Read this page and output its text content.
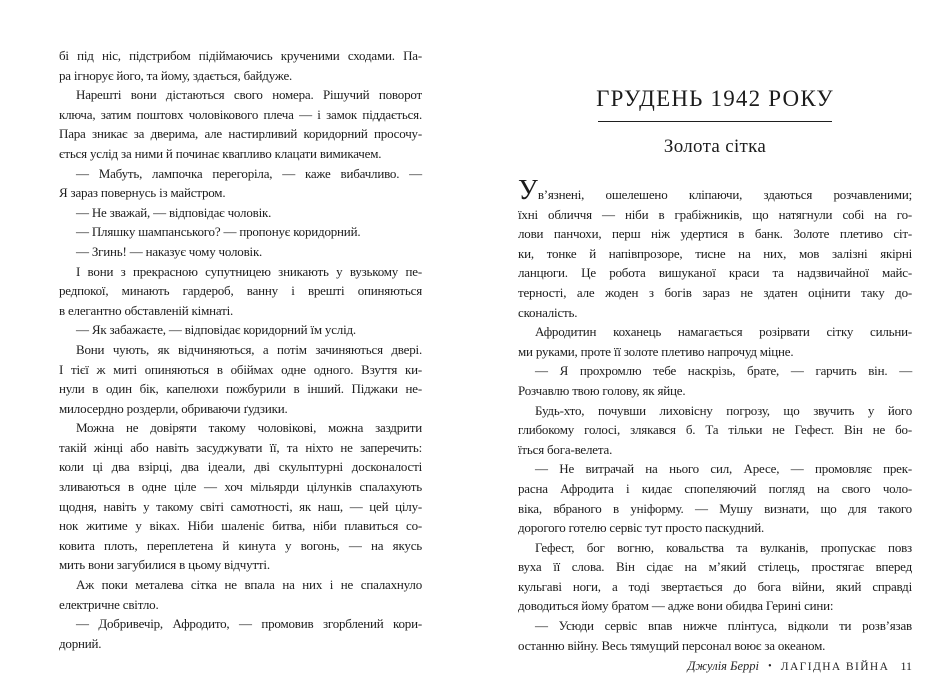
бі під ніс, підстрибом підіймаючись крученими сходами. Па-
ра ігнорує його, та йому, здається, байдуже.
Нарешті вони дістаються свого номера. Рішучий поворот
ключа, затим поштовх чоловікового плеча — і замок піддається.
Пара зникає за дверима, але настирливий коридорний просочу-
ється услід за ними й починає квапливо клацати вимикачем.
— Мабуть, лампочка перегоріла, — каже вибачливо. —
Я зараз повернусь із майстром.
— Не зважай, — відповідає чоловік.
— Пляшку шампанського? — пропонує коридорний.
— Згинь! — наказує чому чоловік.
І вони з прекрасною супутницею зникають у вузькому пе-
редпокої, минають гардероб, ванну і врешті опиняються
в елегантно обставленій кімнаті.
— Як забажаєте, — відповідає коридорний їм услід.
Вони чують, як відчиняються, а потім зачиняються двері.
І тієї ж миті опиняються в обіймах одне одного. Взуття ки-
нули в один бік, капелюхи пожбурили в інший. Піджаки не-
милосердно роздерли, обриваючи ґудзики.
Можна не довіряти такому чоловікові, можна заздрити
такій жінці або навіть засуджувати її, та ніхто не заперечить:
коли ці два взірці, два ідеали, дві скульптурні досконалості
зливаються в одне ціле — хоч мільярди цілунків спалахують
щодня, навіть у такому світі самотності, як наш, — цей цілу-
нок житиме у віках. Ніби шаленіє битва, ніби плавиться со-
ковита плоть, переплетена й кинута у вогонь, — на якусь
мить вони загубилися в цьому відчутті.
Аж поки металева сітка не впала на них і не спалахнуло
електричне світло.
— Добривечір, Афродито, — промовив згорблений кори-
дорний.
ГРУДЕНЬ 1942 РОКУ
Золота сітка
Ув’язнені, ошелешено кліпаючи, здаються розчавленими;
їхні обличчя — ніби в грабіжників, що натягнули собі на го-
лови панчохи, перш ніж удертися в банк. Золоте плетиво сіт-
ки, тонке й напівпрозоре, тисне на них, мов залізні якірні
ланцюги. Це робота вишуканої краси та надзвичайної майс-
терності, але жоден з богів зараз не здатен оцінити таку до-
сконалість.
Афродитин коханець намагається розірвати сітку сильни-
ми руками, проте її золоте плетиво напрочуд міцне.
— Я прохромлю тебе наскрізь, брате, — гарчить він. —
Розчавлю твою голову, як яйце.
Будь-хто, почувши лиховісну погрозу, що звучить у його
глибокому голосі, злякався б. Та тільки не Гефест. Він не бо-
їться бога-велета.
— Не витрачай на нього сил, Аресе, — промовляє прек-
расна Афродита і кидає спопеляючий погляд на свого чоло-
віка, вбраного в уніформу. — Мушу визнати, що для такого
дорогого готелю сервіс тут просто паскудний.
Гефест, бог вогню, ковальства та вулканів, пропускає повз
вуха її слова. Він сідає на м’який стілець, простягає вперед
кульгаві ноги, а тоді звертається до бога війни, який справді
доводиться йому братом — адже вони обидва Герині сини:
— Усюди сервіс впав нижче плінтуса, відколи ти розв’язав
останню війну. Весь тямущий персонал воює за океаном.
Джулія Беррі • ЛАГІДНА ВІЙНА 11
